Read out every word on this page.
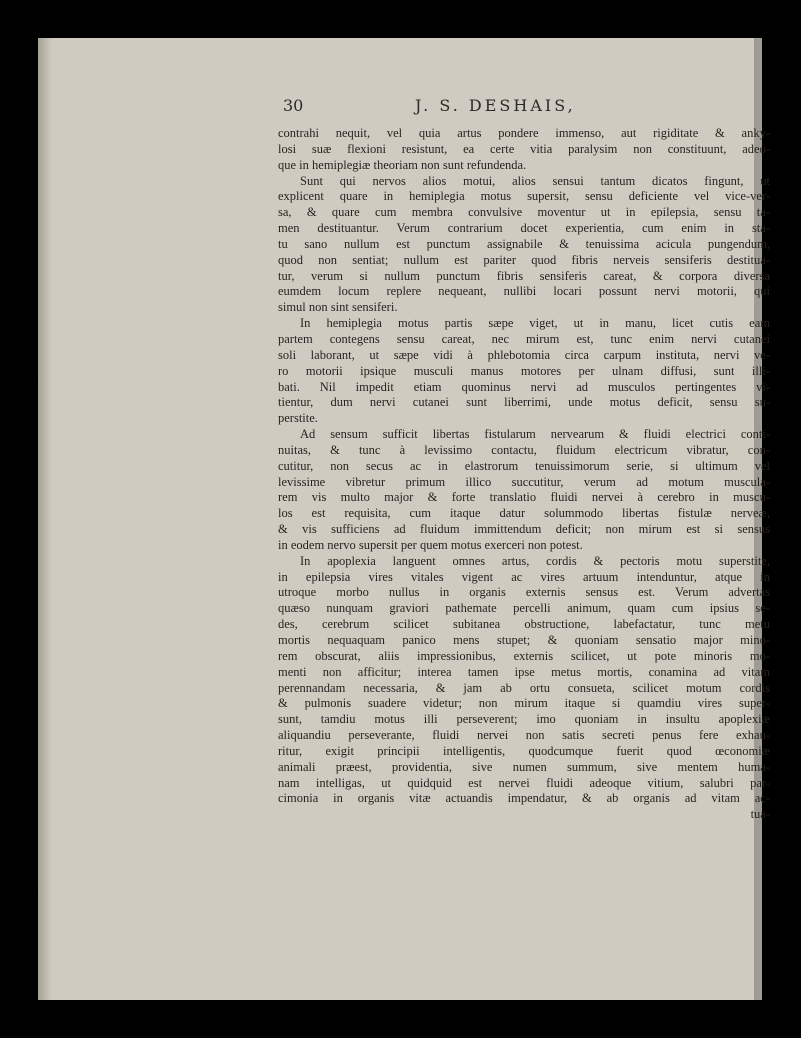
30	J. S. DESHAIS,
contrahi nequit, vel quia artus pondere immenso, aut rigiditate & anky-
losi suæ flexioni resistunt, ea certe vitia paralysim non constituunt, adeo-
que in hemiplegiæ theoriam non sunt refundenda.
Sunt qui nervos alios motui, alios sensui tantum dicatos fingunt, ut
explicent quare in hemiplegia motus supersit, sensu deficiente vel vice-ver-
sa, & quare cum membra convulsive moventur ut in epilepsia, sensu ta-
men destituantur. Verum contrarium docet experientia, cum enim in sta-
tu sano nullum est punctum assignabile & tenuissima acicula pungendum,
quod non sentiat; nullum est pariter quod fibris nerveis sensiferis destitua-
tur, verum si nullum punctum fibris sensiferis careat, & corpora diversa
eumdem locum replere nequeant, nullibi locari possunt nervi motorii, qui
simul non sint sensiferi.
In hemiplegia motus partis sæpe viget, ut in manu, licet cutis eam
partem contegens sensu careat, nec mirum est, tunc enim nervi cutanei
soli laborant, ut sæpe vidi à phlebotomia circa carpum instituta, nervi ve-
ro motorii ipsique musculi manus motores per ulnam diffusi, sunt illi-
bati. Nil impedit etiam quominus nervi ad musculos pertingentes vi-
tientur, dum nervi cutanei sunt liberrimi, unde motus deficit, sensu su-
perstite.
Ad sensum sufficit libertas fistularum nervearum & fluidi electrici conti-
nuitas, & tunc à levissimo contactu, fluidum electricum vibratur, con-
cutitur, non secus ac in elastrorum tenuissimorum serie, si ultimum vel
levissime vibretur primum illico succutitur, verum ad motum muscula-
rem vis multo major & forte translatio fluidi nervei à cerebro in muscu-
los est requisita, cum itaque datur solummodo libertas fistulæ nerveæ,
& vis sufficiens ad fluidum immittendum deficit; non mirum est si sensus
in eodem nervo supersit per quem motus exerceri non potest.
In apoplexia languent omnes artus, cordis & pectoris motu superstite,
in epilepsia vires vitales vigent ac vires artuum intenduntur, atque in
utroque morbo nullus in organis externis sensus est. Verum advertas
quæso nunquam graviori pathemate percelli animum, quam cum ipsius se-
des, cerebrum scilicet subitanea obstructione, labefactatur, tunc metu
mortis nequaquam panico mens stupet; & quoniam sensatio major mino-
rem obscurat, aliis impressionibus, externis scilicet, ut pote minoris mo-
menti non afficitur; interea tamen ipse metus mortis, conamina ad vitam
perennandam necessaria, & jam ab ortu consueta, scilicet motum cordis
& pulmonis suadere videtur; non mirum itaque si quamdiu vires super-
sunt, tamdiu motus illi perseverent; imo quoniam in insultu apoplexiæ
aliquandiu perseverante, fluidi nervei non satis secreti penus fere exhau-
ritur, exigit principii intelligentis, quodcumque fuerit quod œconomiæ
animali præest, providentia, sive numen summum, sive mentem huma-
nam intelligas, ut quidquid est nervei fluidi adeoque vitium, salubri par-
cimonia in organis vitæ actuandis impendatur, & ab organis ad vitam ac-
tua-
